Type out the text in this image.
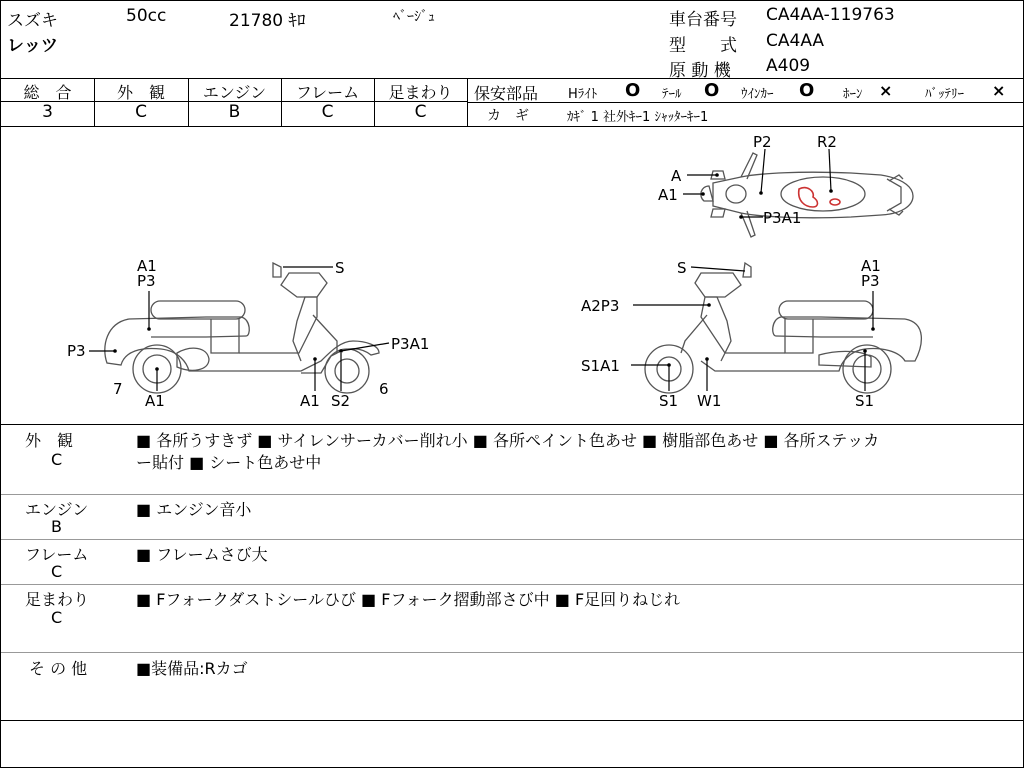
スズキ	50cc	21780 ｷﾛ	ﾍﾞｰｼﾞｭ
レッツ
車台番号 CA4AA-119763
型　　式 CA4AA
原 動 機 A409
総　合	外　観	エンジン	フレーム	足まわり
3	C	B	C	C
保安部品 Hﾗｲﾄ O ﾃｰﾙ O ｳｲﾝｶｰ O ﾎｰﾝ ×	ﾊﾞｯﾃﾘｰ ×
カ　ギ	ｶｷﾞ 1 社外ｷｰ1 ｼｬｯﾀｰｷｰ1
A
A1
P2	R2
P3A1
A1
P3
S
P3
7
A1	A1 S2
6
P3A1
S	A1
P3
A2P3
S1A1
S1 W1	S1
外　観
C
■ 各所うすきず ■ サイレンサーカバー削れ小 ■ 各所ペイント色あせ ■ 樹脂部色あせ ■ 各所ステッカ
ー貼付 ■ シート色あせ中
エンジン
B
■ エンジン音小
フレーム
C
■ フレームさび大
足まわり
C
■ Fフォークダストシールひび ■ Fフォーク摺動部さび中 ■ F足回りねじれ
そ の 他	■装備品:Rカゴ
